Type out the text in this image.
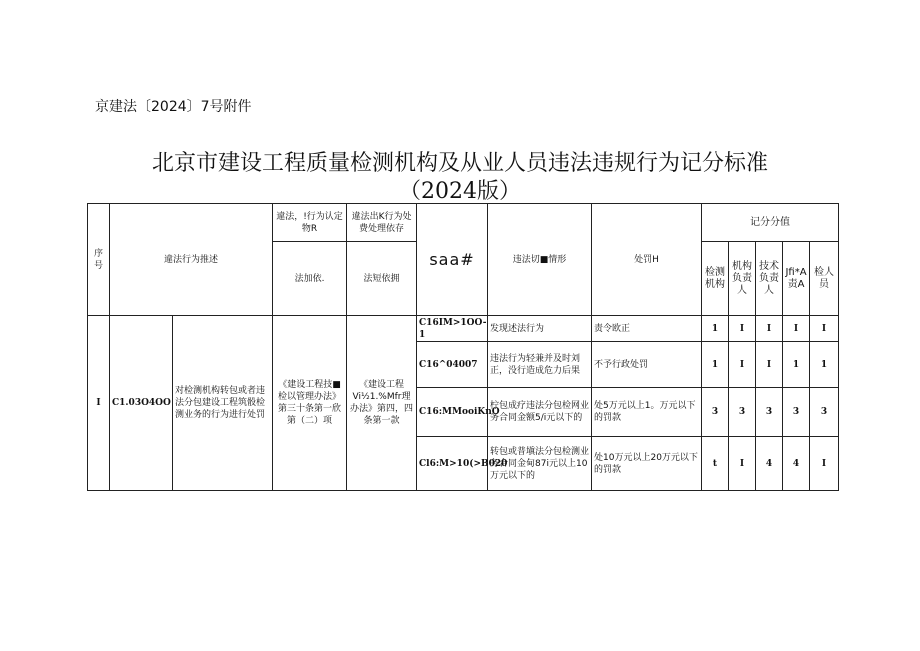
京建法〔2024〕7号附件
北京市建设工程质量检测机构及从业人员违法违规行为记分标准
（2024版）
序号	違法行为推述		違法，!行为认定物R	違法出K行为处费处理依存	saa#	违法切■情形	处罚H	记分分值				
			法加依.	法短依拥				检测机构	机构负责人	技术负责人	Jfi*A责A	检人员
I	C1.03O4OO	对检测机构转包或者违法分包建设工程筑骰检测业务的行为进行处罚	《建设工程技■检以管理办法》第三十条第一欣第（二）项	《建设工程Vi½1.%Mfr理办法》第四，四条第一款	C16IM>1OO-1	发现述法行为	责令欧正	1	I	I	I	I
					C16^04007	违法行为轻兼并及时刘正，没行造成危力后果	不予行政处罚	1	I	I	1	1
					C16:MMooiKnO	柠包成疗违法分包检网业务合同金额5/i元以下的	处5万元以上1。万元以下的罚款	3	3	3	3	3
					Cl6:M>10(>B020	转包或普塡法分包检测业务合同金甸87i元以上10万元以下的	处10万元以上20万元以下的罚款	t	I	4	4	I
